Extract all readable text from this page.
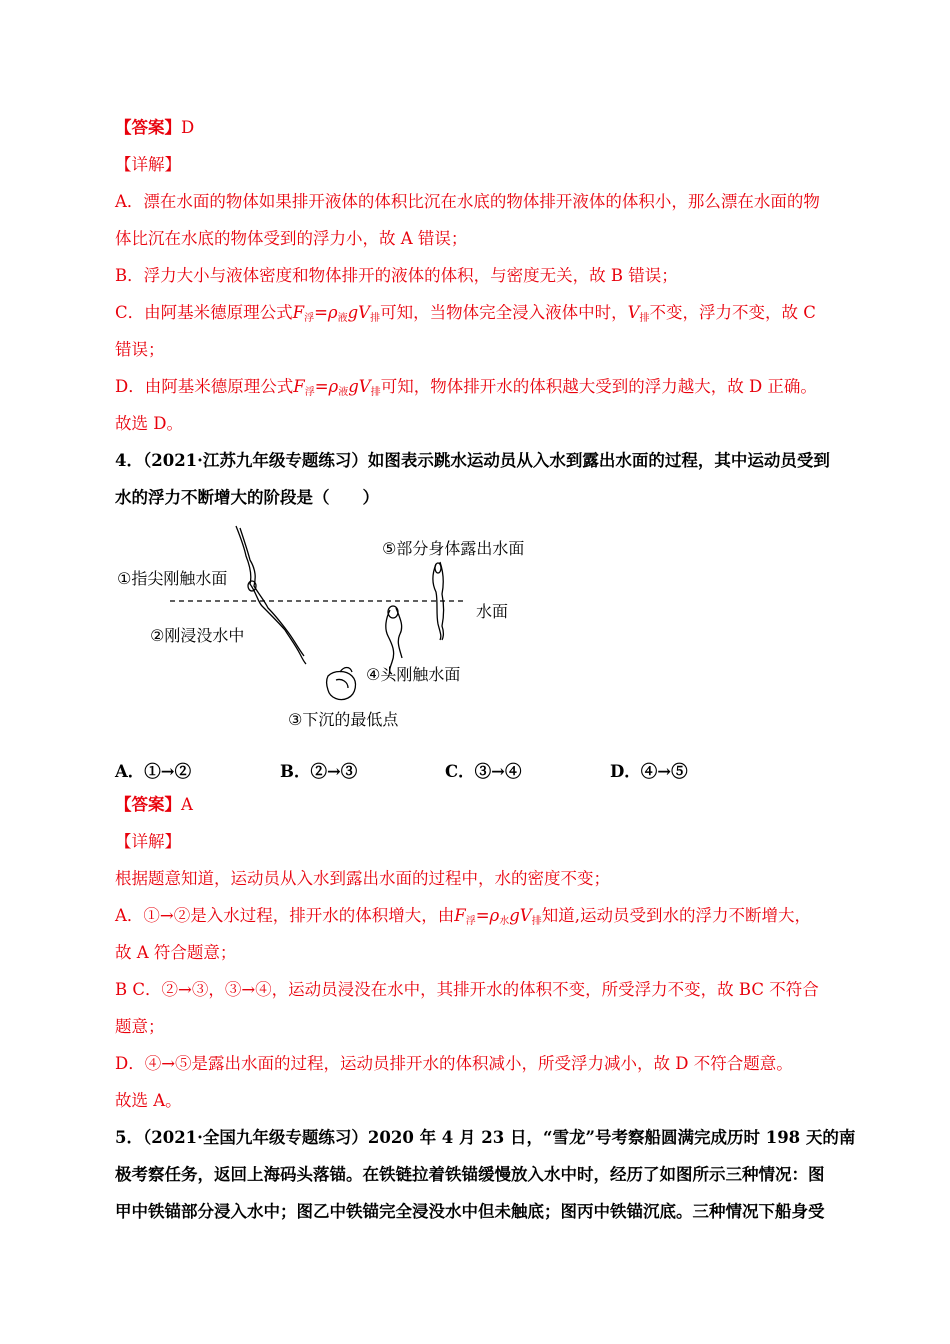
【答案】D
【详解】
A．漂在水面的物体如果排开液体的体积比沉在水底的物体排开液体的体积小，那么漂在水面的物
体比沉在水底的物体受到的浮力小，故 A 错误；
B．浮力大小与液体密度和物体排开的液体的体积，与密度无关，故 B 错误；
C．由阿基米德原理公式$F_浮=\rho_液gV_排$可知，当物体完全浸入液体中时，$V_排$不变，浮力不变，故 C
错误；
D．由阿基米德原理公式$F_浮=\rho_液gV_排$可知，物体排开水的体积越大受到的浮力越大，故 D 正确。
故选 D。
4．（2021·江苏九年级专题练习）如图表示跳水运动员从入水到露出水面的过程，其中运动员受到
水的浮力不断增大的阶段是（　　）
①指尖刚触水面
②刚浸没水中
③下沉的最低点
④头刚触水面
⑤部分身体露出水面
水面
A．①→②	B．②→③	C．③→④	D．④→⑤
【答案】A
【详解】
根据题意知道，运动员从入水到露出水面的过程中，水的密度不变；
A．①→②是入水过程，排开水的体积增大，由$F_浮=\rho_水gV_排$知道,运动员受到水的浮力不断增大，
故 A 符合题意；
B C．②→③，③→④，运动员浸没在水中，其排开水的体积不变，所受浮力不变，故 BC 不符合
题意；
D．④→⑤是露出水面的过程，运动员排开水的体积减小，所受浮力减小，故 D 不符合题意。
故选 A。
5．（2021·全国九年级专题练习）2020 年 4 月 23 日，“雪龙”号考察船圆满完成历时 198 天的南
极考察任务，返回上海码头落锚。在铁链拉着铁锚缓慢放入水中时，经历了如图所示三种情况：图
甲中铁锚部分浸入水中；图乙中铁锚完全浸没水中但未触底；图丙中铁锚沉底。三种情况下船身受
